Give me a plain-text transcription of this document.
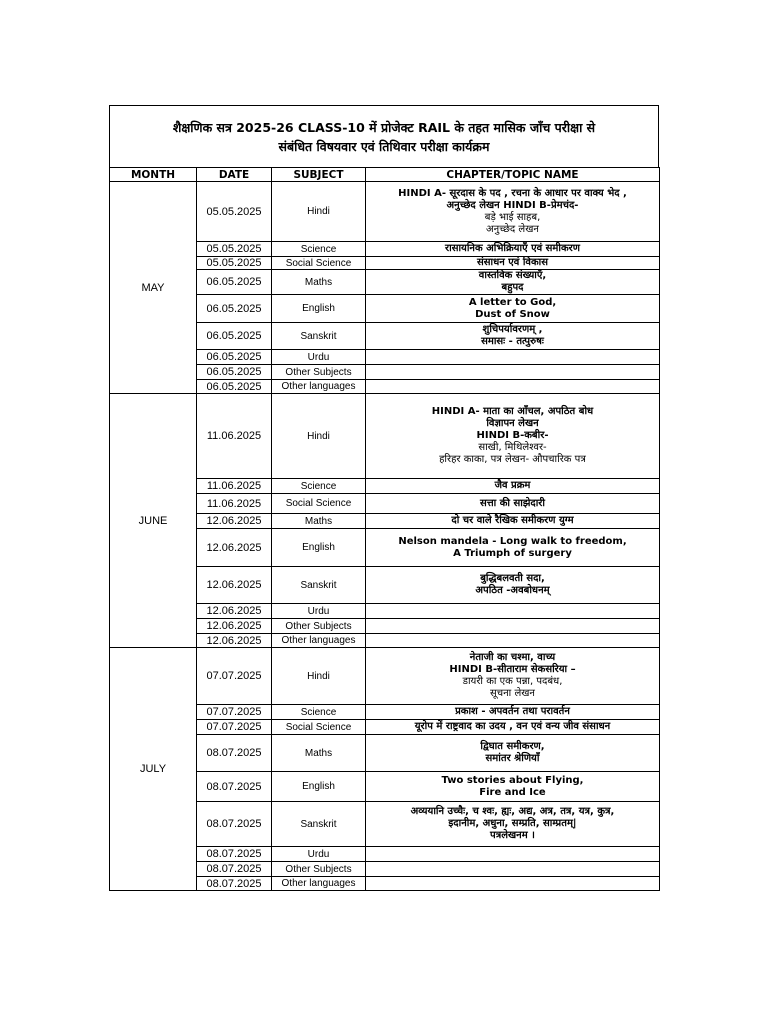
शैक्षणिक सत्र 2025-26 CLASS-10 में प्रोजेक्ट RAIL के तहत मासिक जाँच परीक्षा से
संबंधित विषयवार एवं तिथिवार परीक्षा कार्यक्रम
MONTH	DATE	SUBJECT	CHAPTER/TOPIC NAME
MAY	05.05.2025	Hindi	HINDI A- सूरदास के पद , रचना के आधार पर वाक्य भेद ,
अनुच्छेद लेखन HINDI B-प्रेमचंद-
बड़े भाई साहब,
अनुच्छेद लेखन

	05.05.2025	Science	रासायनिक अभिक्रियाएँ एवं समीकरण

	05.05.2025	Social Science	संसाधन एवं विकास

	06.05.2025	Maths	वास्तविक संख्याएँ,
बहुपद

	06.05.2025	English	A letter to God,
Dust of Snow

	06.05.2025	Sanskrit	शुचिपर्यावरणम् ,
समासः - तत्पुरुषः

	06.05.2025	Urdu	
	06.05.2025	Other Subjects	
	06.05.2025	Other languages	
JUNE	11.06.2025	Hindi	HINDI A- माता का आँचल, अपठित बोध
विज्ञापन लेखन
HINDI B-कबीर-
साखी, मिथिलेश्वर-
हरिहर काका, पत्र लेखन- औपचारिक पत्र

	11.06.2025	Science	जैव प्रक्रम

	11.06.2025	Social Science	सत्ता की साझेदारी

	12.06.2025	Maths	दो चर वाले रैखिक समीकरण युग्म

	12.06.2025	English	Nelson mandela - Long walk to freedom,
A Triumph of surgery

	12.06.2025	Sanskrit	बुद्धिबलवती सदा,
अपठित -अवबोधनम्

	12.06.2025	Urdu	
	12.06.2025	Other Subjects	
	12.06.2025	Other languages	
JULY	07.07.2025	Hindi	नेताजी का चश्मा, वाच्य
HINDI B-सीताराम सेकसरिया –
डायरी का एक पन्ना, पदबंध,
सूचना लेखन

	07.07.2025	Science	प्रकाश - अपवर्तन तथा परावर्तन

	07.07.2025	Social Science	यूरोप में राष्ट्रवाद का उदय , वन एवं वन्य जीव संसाधन

	08.07.2025	Maths	द्विघात समीकरण,
समांतर श्रेणियाँ

	08.07.2025	English	Two stories about Flying,
Fire and Ice

	08.07.2025	Sanskrit	अव्ययानि उच्चैः, च श्वः, ह्यः, अद्य, अत्र, तत्र, यत्र, कुत्र,
इदानीम, अधुना, सम्प्रति, साम्प्रतम्|
पत्रलेखनम ।

	08.07.2025	Urdu	
	08.07.2025	Other Subjects	
	08.07.2025	Other languages	
